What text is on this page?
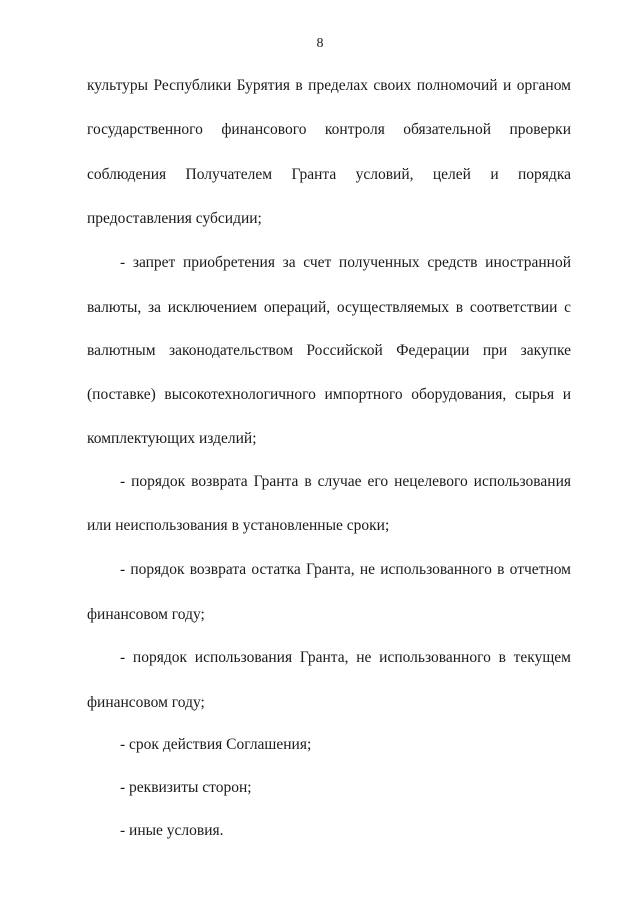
8
культуры Республики Бурятия в пределах своих полномочий и органом
государственного финансового контроля обязательной проверки
соблюдения Получателем Гранта условий, целей и порядка
предоставления субсидии;
- запрет приобретения за счет полученных средств иностранной
валюты, за исключением операций, осуществляемых в соответствии с
валютным законодательством Российской Федерации при закупке
(поставке) высокотехнологичного импортного оборудования, сырья и
комплектующих изделий;
- порядок возврата Гранта в случае его нецелевого использования
или неиспользования в установленные сроки;
- порядок возврата остатка Гранта, не использованного в отчетном
финансовом году;
- порядок использования Гранта, не использованного в текущем
финансовом году;
- срок действия Соглашения;
- реквизиты сторон;
- иные условия.
